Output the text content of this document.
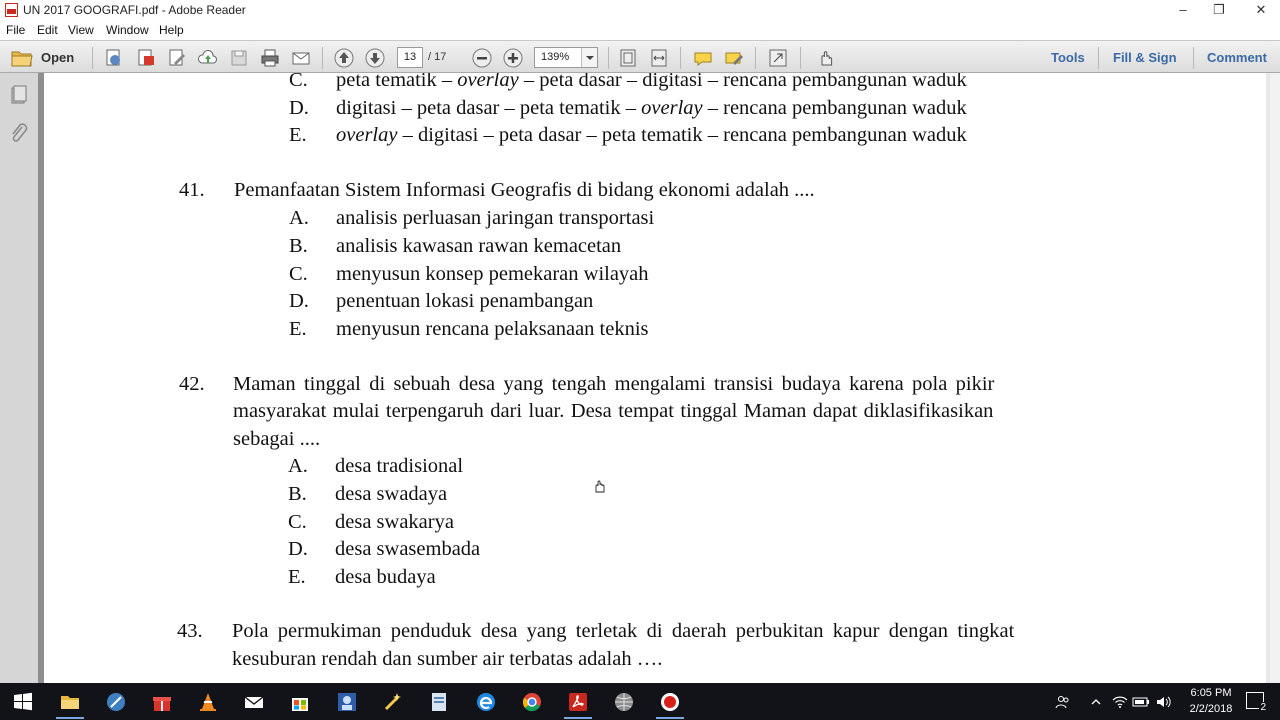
UN 2017 GOOGRAFI.pdf - Adobe Reader	–	❐	✕
File Edit View Window Help
Open	13	/ 17	139%	Tools Fill & Sign Comment
C. peta tematik – overlay – peta dasar – digitasi – rencana pembangunan waduk
D. digitasi – peta dasar – peta tematik – overlay – rencana pembangunan waduk
E. overlay – digitasi – peta dasar – peta tematik – rencana pembangunan waduk
41. Pemanfaatan Sistem Informasi Geografis di bidang ekonomi adalah ....
A. analisis perluasan jaringan transportasi
B. analisis kawasan rawan kemacetan
C. menyusun konsep pemekaran wilayah
D. penentuan lokasi penambangan
E. menyusun rencana pelaksanaan teknis
42. Maman tinggal di sebuah desa yang tengah mengalami transisi budaya karena pola pikir
masyarakat mulai terpengaruh dari luar. Desa tempat tinggal Maman dapat diklasifikasikan
sebagai ....
A. desa tradisional
B. desa swadaya
C. desa swakarya
D. desa swasembada
E. desa budaya
43. Pola permukiman penduduk desa yang terletak di daerah perbukitan kapur dengan tingkat
kesuburan rendah dan sumber air terbatas adalah ….
6:05 PM
2/2/2018	2
